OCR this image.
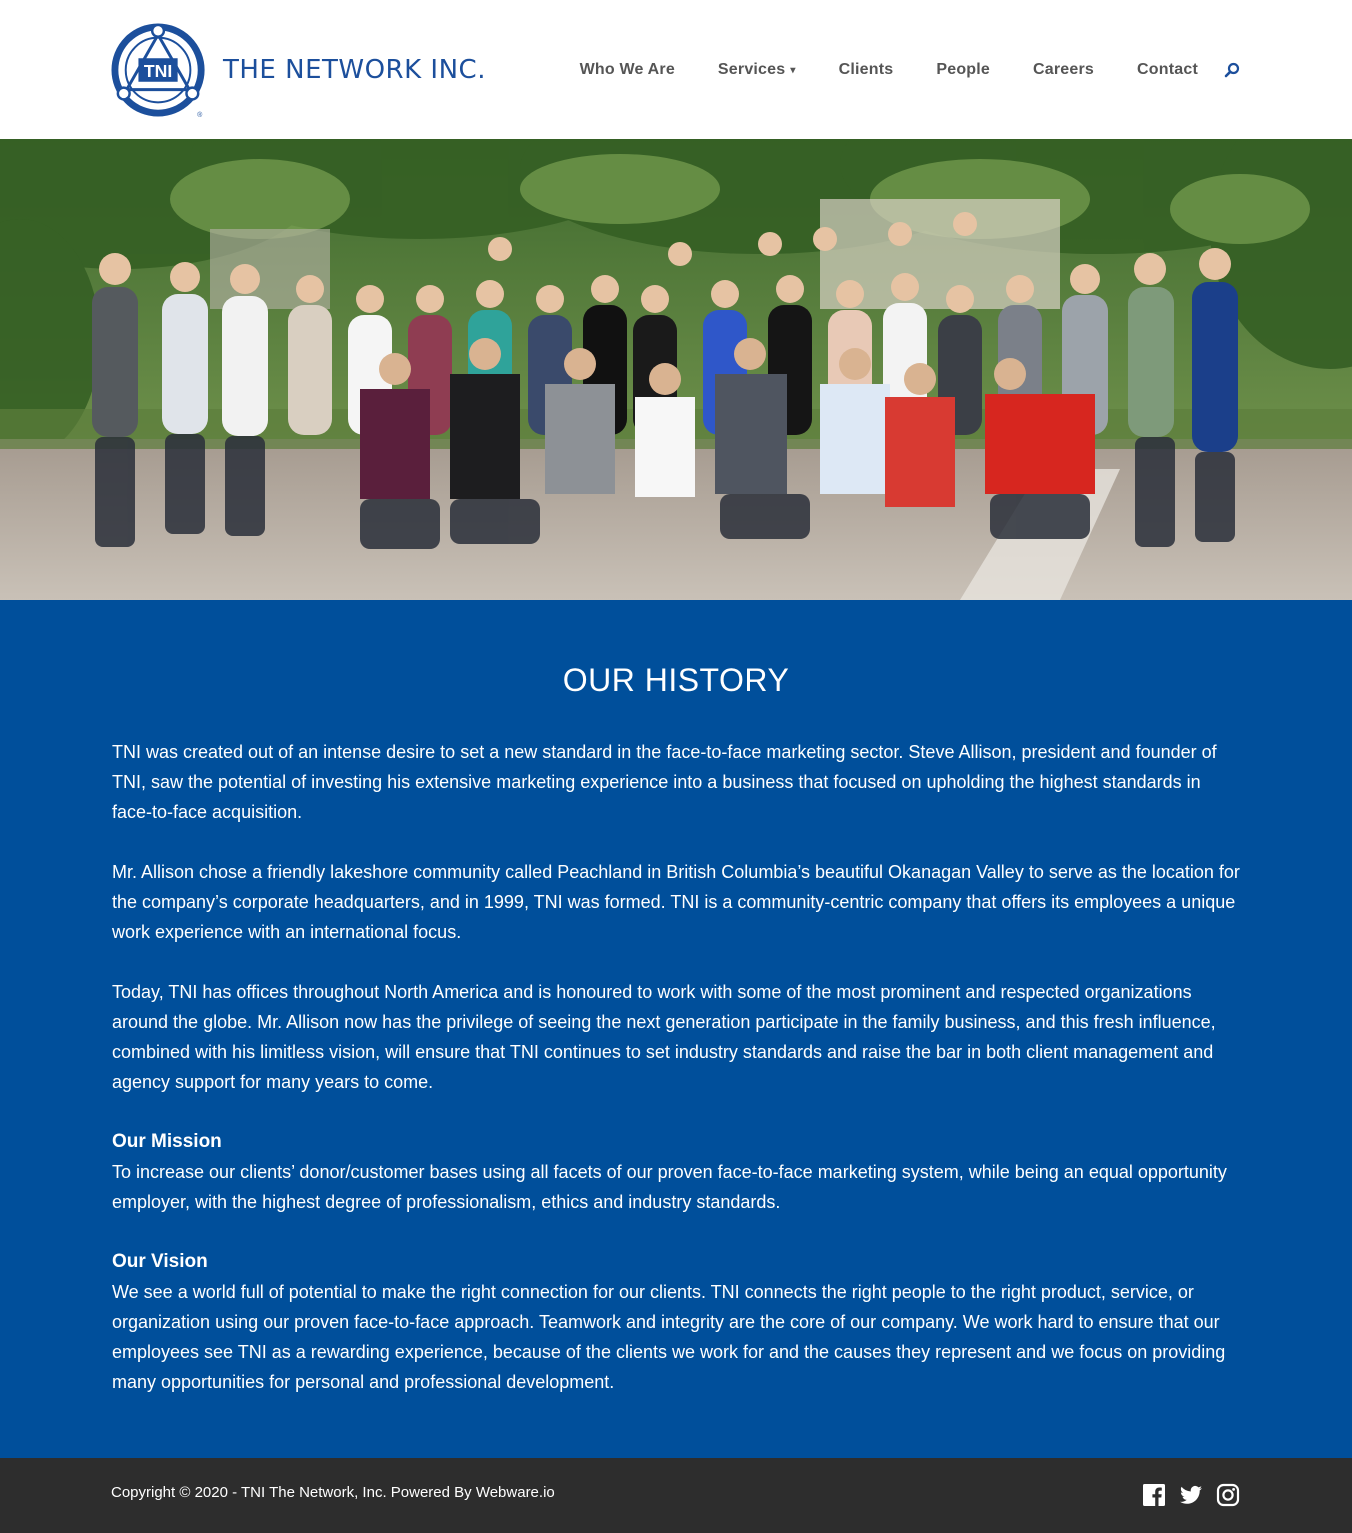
TNI
®
THE NETWORK INC.	Who We Are	Services ▾	Clients	People	Careers	Contact
OUR HISTORY

TNI was created out of an intense desire to set a new standard in the face-to-face marketing sector. Steve Allison, president and founder of TNI, saw the potential of investing his extensive marketing experience into a business that focused on upholding the highest standards in face-to-face acquisition.

Mr. Allison chose a friendly lakeshore community called Peachland in British Columbia’s beautiful Okanagan Valley to serve as the location for the company’s corporate headquarters, and in 1999, TNI was formed. TNI is a community-centric company that offers its employees a unique work experience with an international focus.

Today, TNI has offices throughout North America and is honoured to work with some of the most prominent and respected organizations around the globe. Mr. Allison now has the privilege of seeing the next generation participate in the family business, and this fresh influence, combined with his limitless vision, will ensure that TNI continues to set industry standards and raise the bar in both client management and agency support for many years to come.

Our Mission

To increase our clients’ donor/customer bases using all facets of our proven face-to-face marketing system, while being an equal opportunity employer, with the highest degree of professionalism, ethics and industry standards.

Our Vision

We see a world full of potential to make the right connection for our clients. TNI connects the right people to the right product, service, or organization using our proven face-to-face approach. Teamwork and integrity are the core of our company. We work hard to ensure that our employees see TNI as a rewarding experience, because of the clients we work for and the causes they represent and we focus on providing many opportunities for personal and professional development.

Copyright © 2020 - TNI The Network, Inc. Powered By Webware.io
